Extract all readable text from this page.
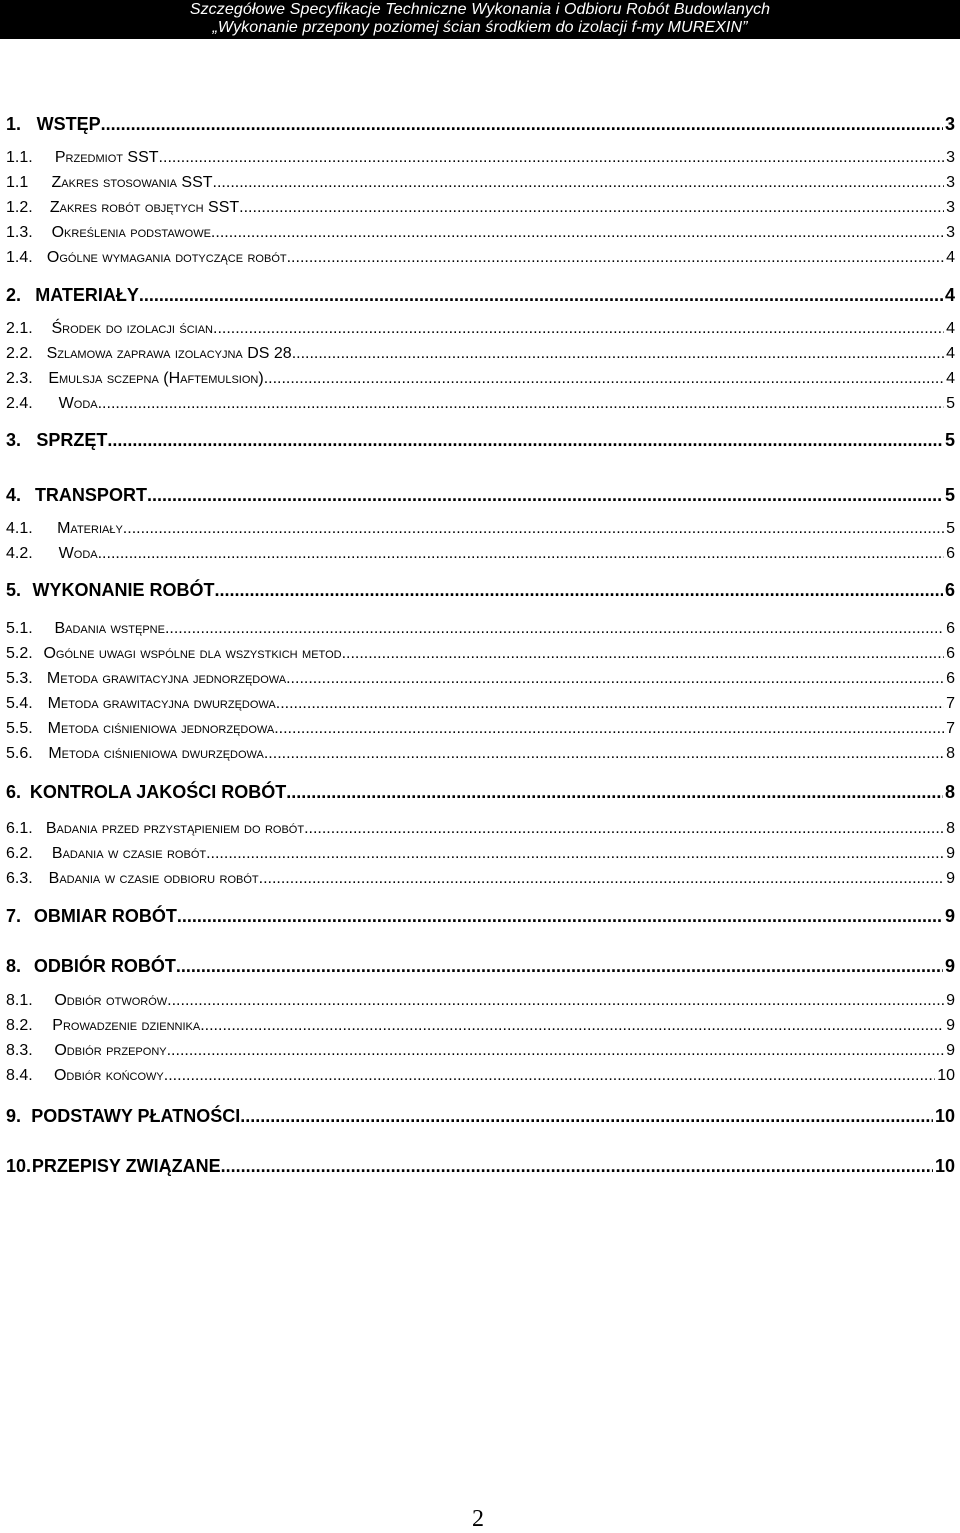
Szczegółowe Specyfikacje Techniczne Wykonania i Odbioru Robót Budowlanych
„Wykonanie przepony poziomej ścian środkiem do izolacji f-my MUREXIN”
1. WSTĘP .....	3
1.1.	Przedmiot SST .....	3
1.1	Zakres stosowania SST .....	3
1.2.	Zakres robót objętych SST .....	3
1.3.	Określenia podstawowe .....	3
1.4. Ogólne wymagania dotyczące robót .....	4
2. MATERIAŁY .....	4
2.1.	Środek do izolacji ścian .....	4
2.2. Szlamowa zaprawa izolacyjna DS 28 .....	4
2.3. Emulsja sczepna (Haftemulsion) .....	4
2.4.	Woda .....	5
3. SPRZĘT .....	5
4. TRANSPORT .....	5
4.1.	Materiały .....	5
4.2.	Woda .....	6
5. WYKONANIE ROBÓT .....	6
5.1.	Badania wstępne .....	6
5.2. Ogólne uwagi wspólne dla wszystkich metod .....	6
5.3. Metoda grawitacyjna jednorzędowa .....	6
5.4. Metoda grawitacyjna dwurzędowa .....	7
5.5. Metoda ciśnieniowa jednorzędowa .....	7
5.6. Metoda ciśnieniowa dwurzędowa .....	8
6. KONTROLA JAKOŚCI ROBÓT .....	8
6.1. Badania przed przystąpieniem do robót .....	8
6.2.	Badania w czasie robót .....	9
6.3. Badania w czasie odbioru robót .....	9
7. OBMIAR ROBÓT .....	9
8. ODBIÓR ROBÓT .....	9
8.1.	Odbiór otworów .....	9
8.2.	Prowadzenie dziennika .....	9
8.3.	Odbiór przepony .....	9
8.4.	Odbiór końcowy .....	10
9. PODSTAWY PŁATNOŚCI .....	10
10. PRZEPISY ZWIĄZANE .....	10
2
